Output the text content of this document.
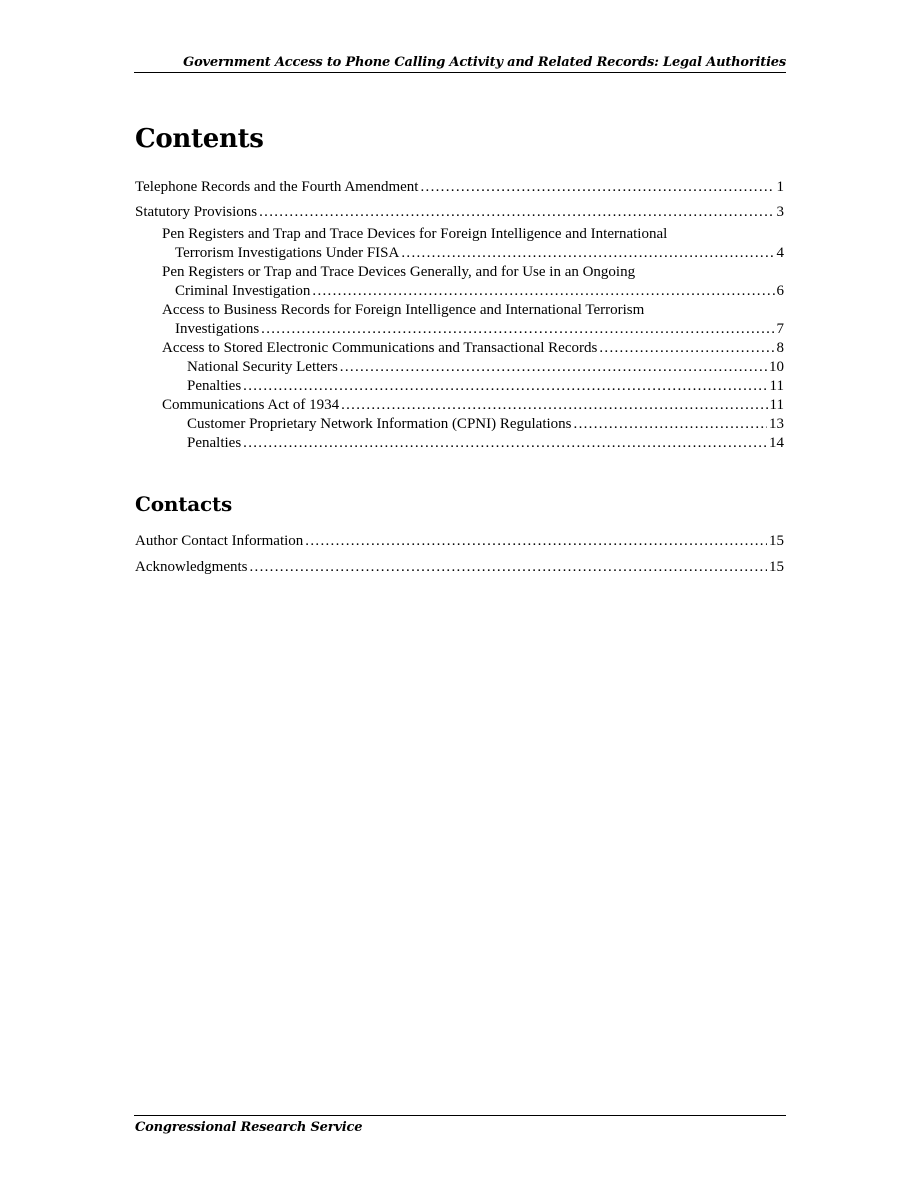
Government Access to Phone Calling Activity and Related Records: Legal Authorities
Contents
Telephone Records and the Fourth Amendment .....	1
Statutory Provisions .....	3
Pen Registers and Trap and Trace Devices for Foreign Intelligence and International
Terrorism Investigations Under FISA .....	4
Pen Registers or Trap and Trace Devices Generally, and for Use in an Ongoing
Criminal Investigation .....	6
Access to Business Records for Foreign Intelligence and International Terrorism
Investigations .....	7
Access to Stored Electronic Communications and Transactional Records .....	8
National Security Letters .....	10
Penalties .....	11
Communications Act of 1934 .....	11
Customer Proprietary Network Information (CPNI) Regulations .....	13
Penalties .....	14
Contacts
Author Contact Information .....	15
Acknowledgments .....	15
Congressional Research Service
